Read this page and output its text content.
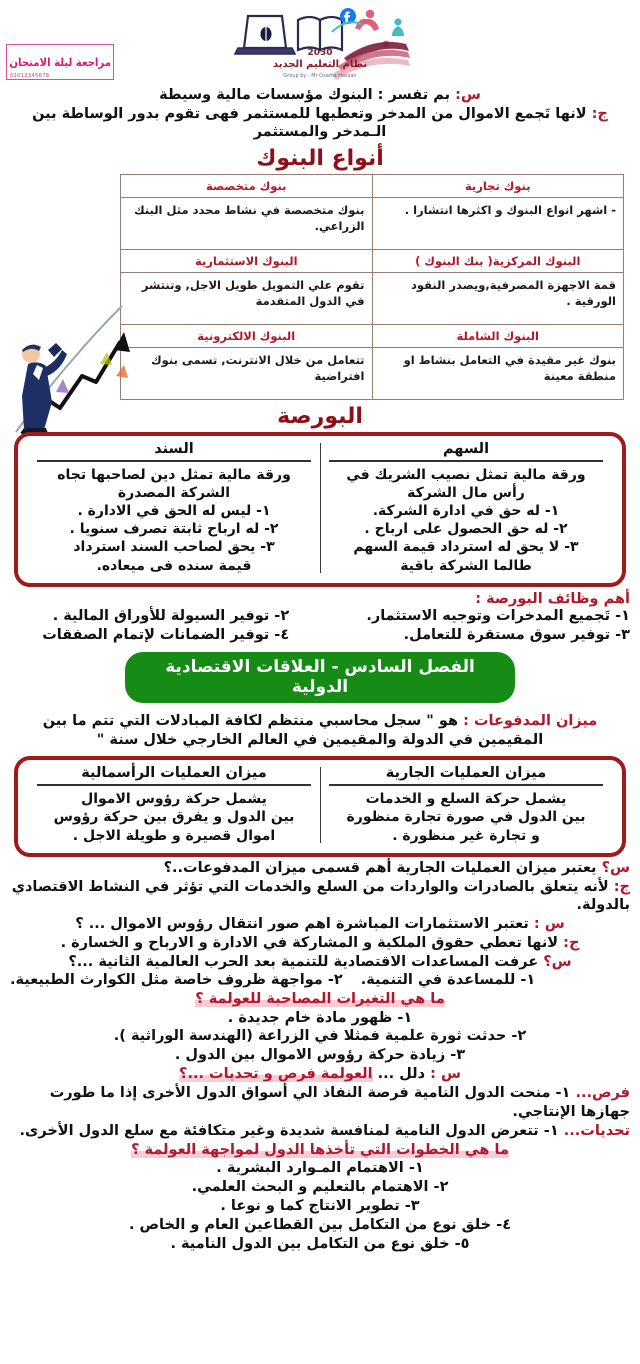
مراجعة ليلة الامتحان
01012345678
2030
نظام التعليم الجديد
Group by : Mr Osama Hassan
س: بم تفسر : البنوك مؤسسات مالية وسيطة
ج: لانها تَجمع الاموال من المدخر وتعطيها للمستثمر فهى تقوم بدور الوساطة بين الـمدخر والمستثمر
أنواع البنوك
بنوك تجارية	بنوك متخصصة
- اشهر انواع البنوك و اكثرها انتشارا .	بنوك متخصصة في نشاط محدد مثل البنك الزراعي.
البنوك المركزية( بنك البنوك )	البنوك الاستثمارية
قمة الاجهزة المصرفية,ويصدر النقود الورقية .	تقوم علي التمويل طويل الاجل, وتنتشر في الدول المتقدمة
البنوك الشاملة	البنوك الالكترونية
بنوك غير مقيدة في التعامل بنشاط او منطقة معينة	تتعامل من خلال الانترنت, تسمى بنوك افتراضية
البورصة
السهم
ورقة مالية تمثل نصيب الشريك في
رأس مال الشركة
١- له حق في ادارة الشركة.
٢- له حق الحصول على ارباح .
٣- لا يحق له استرداد قيمة السهم
طالما الشركة باقية
السند
ورقة مالية تمثل دين لصاحبها تجاه
الشركة المصدرة
١- ليس له الحق في الادارة .
٢- له ارباح ثابتة تصرف سنويا .
٣- يحق لصاحب السند استرداد
قيمة سنده فى ميعاده.
أهم وظائف البورصة :
١- تَجميع المدخرات وتوجيه الاستثمار.
٢- توفير السيولة للأوراق المالية .
٣- توفير سوق مستقرة للتعامل.
٤- توفير الضمانات لإتمام الصفقات
الفصل السادس - العلاقات الاقتصادية الدولية
ميزان المدفوعات : هو " سجل محاسبي منتظم لكافة المبادلات التي تتم ما بين المقيمين في الدولة والمقيمين في العالم الخارجي خلال سنة "
ميزان العمليات الجارية
يشمل حركة السلع و الخدمات
بين الدول في صورة تجارة منظورة
و تجارة غير منظورة .
ميزان العمليات الرأسمالية
يشمل حركة رؤوس الاموال
بين الدول و يفرق بين حركة رؤوس
اموال قصيرة و طويلة الاجل .
س؟ يعتبر ميزان العمليات الجارية أهم قسمى ميزان المدفوعات..؟
ج: لأنه يتعلق بالصادرات والواردات من السلع والخدمات التي تؤثر في النشاط الاقتصادي بالدولة.
س : تعتبر الاستثمارات المباشرة اهم صور انتقال رؤوس الاموال ... ؟
ج: لانها تعطي حقوق الملكية و المشاركة في الادارة و الارباح و الخسارة .
س؟ عرفت المساعدات الاقتصادية للتنمية بعد الحرب العالمية الثانية ...؟
١- للمساعدة في التنمية.
٢- مواجهة ظروف خاصة مثل الكوارث الطبيعية.
ما هي التغيرات المصاحبة للعولمة ؟
١- ظهور مادة خام جديدة .
٢- حدثت ثورة علمية فمثلا في الزراعة (الهندسة الوراثية ).
٣- زيادة حركة رؤوس الاموال بين الدول .
س : دلل ... العولمة فرص و تحديات ...؟
فرص... ١- منحت الدول النامية فرصة النفاذ الي أسواق الدول الأخرى إذا ما طورت جهازها الإنتاجي.
تحديات... ١- تتعرض الدول النامية لمنافسة شديدة وغير متكافئة مع سلع الدول الأخرى.
ما هي الخطوات التي تأخذها الدول لمواجهة العولمة ؟
١- الاهتمام المـوارد البشرية .
٢- الاهتمام بالتعليم و البحث العلمي.
٣- تطوير الانتاج كما و نوعا .
٤- خلق نوع من التكامل بين القطاعين العام و الخاص .
٥- خلق نوع من التكامل بين الدول النامية .
